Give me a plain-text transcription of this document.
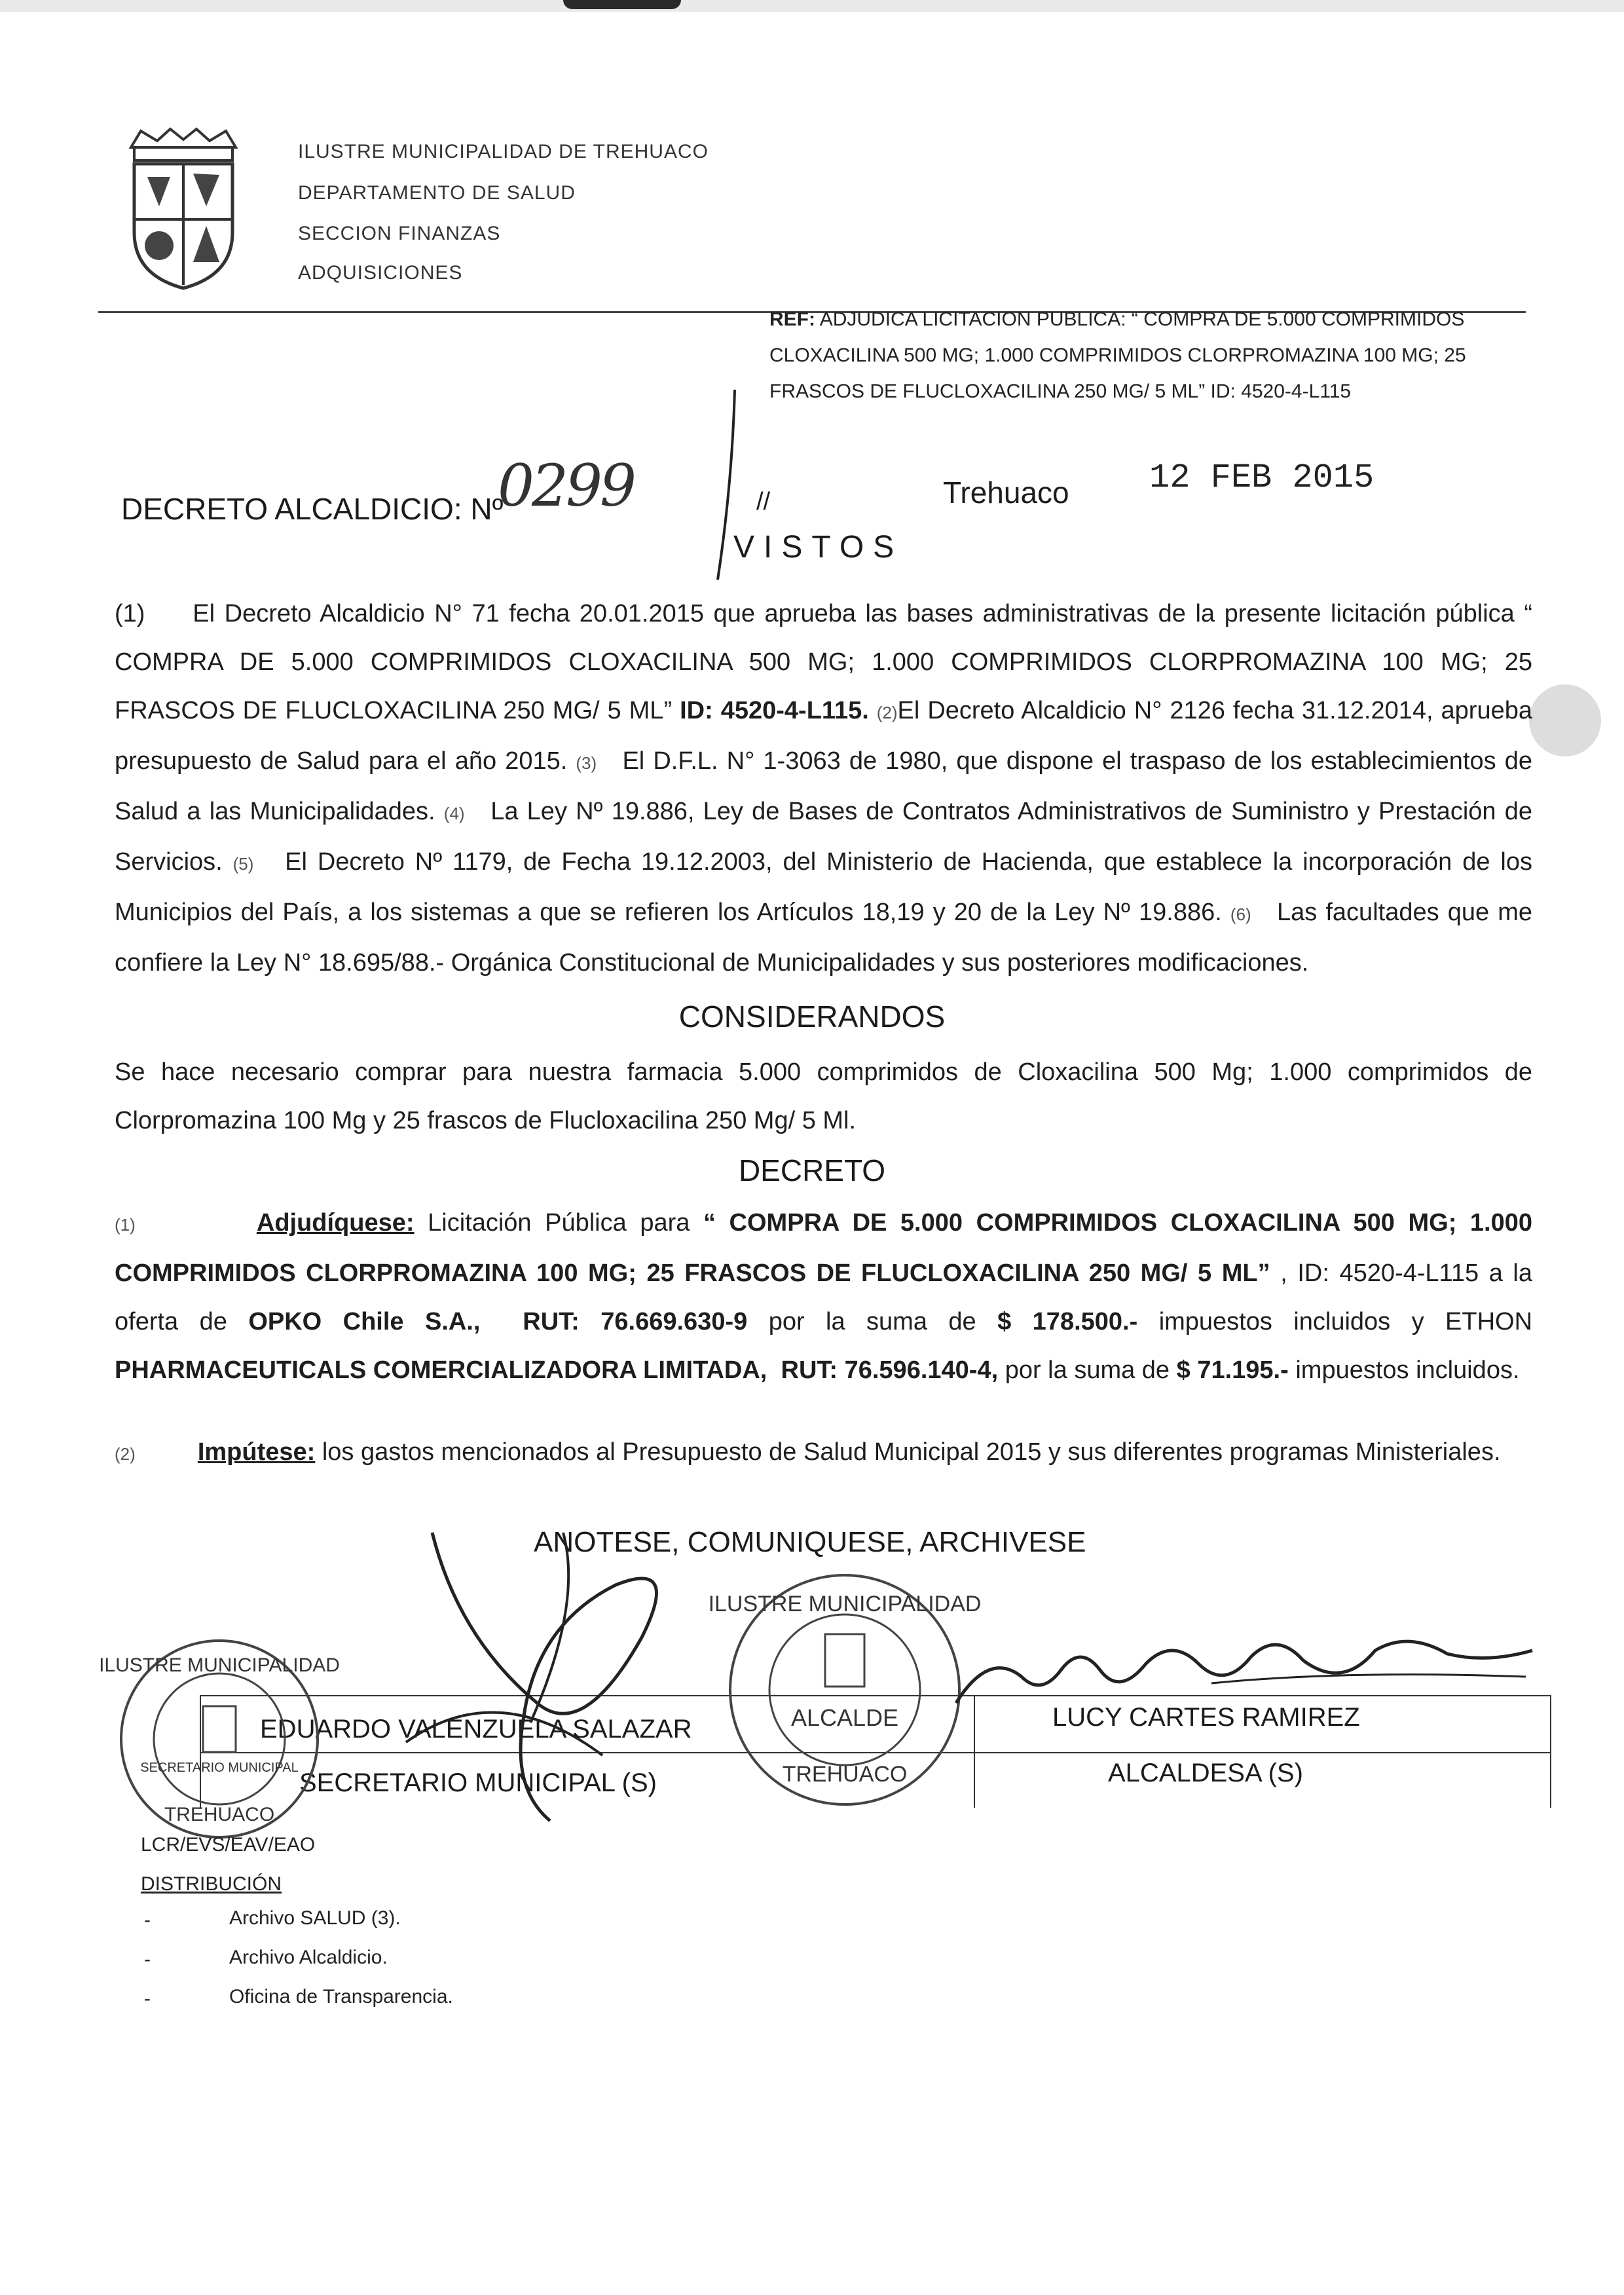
ILUSTRE MUNICIPALIDAD DE TREHUACO
DEPARTAMENTO DE SALUD
SECCION FINANZAS
ADQUISICIONES
REF: ADJUDICA LICITACION PUBLICA: “ COMPRA DE 5.000 COMPRIMIDOS CLOXACILINA 500 MG; 1.000 COMPRIMIDOS CLORPROMAZINA 100 MG; 25 FRASCOS DE FLUCLOXACILINA 250 MG/ 5 ML” ID: 4520-4-L115
DECRETO ALCALDICIO: Nº
0299	//	Trehuaco 12 FEB 2015
VISTOS
(1) El Decreto Alcaldicio N° 71 fecha 20.01.2015 que aprueba las bases administrativas de la presente licitación pública “ COMPRA DE 5.000 COMPRIMIDOS CLOXACILINA 500 MG; 1.000 COMPRIMIDOS CLORPROMAZINA 100 MG; 25 FRASCOS DE FLUCLOXACILINA 250 MG/ 5 ML” ID: 4520-4-L115. (2)El Decreto Alcaldicio N° 2126 fecha 31.12.2014, aprueba presupuesto de Salud para el año 2015. (3) El D.F.L. N° 1-3063 de 1980, que dispone el traspaso de los establecimientos de Salud a las Municipalidades. (4) La Ley Nº 19.886, Ley de Bases de Contratos Administrativos de Suministro y Prestación de Servicios. (5) El Decreto Nº 1179, de Fecha 19.12.2003, del Ministerio de Hacienda, que establece la incorporación de los Municipios del País, a los sistemas a que se refieren los Artículos 18,19 y 20 de la Ley Nº 19.886. (6) Las facultades que me confiere la Ley N° 18.695/88.- Orgánica Constitucional de Municipalidades y sus posteriores modificaciones.
CONSIDERANDOS
Se hace necesario comprar para nuestra farmacia 5.000 comprimidos de Cloxacilina 500 Mg; 1.000 comprimidos de Clorpromazina 100 Mg y 25 frascos de Flucloxacilina 250 Mg/ 5 Ml.
DECRETO
(1)	Adjudíquese: Licitación Pública para “ COMPRA DE 5.000 COMPRIMIDOS CLOXACILINA 500 MG; 1.000 COMPRIMIDOS CLORPROMAZINA 100 MG; 25 FRASCOS DE FLUCLOXACILINA 250 MG/ 5 ML” , ID: 4520-4-L115 a la oferta de OPKO Chile S.A., RUT: 76.669.630-9 por la suma de $ 178.500.- impuestos incluidos y ETHON PHARMACEUTICALS COMERCIALIZADORA LIMITADA, RUT: 76.596.140-4, por la suma de $ 71.195.- impuestos incluidos.
(2)	Impútese: los gastos mencionados al Presupuesto de Salud Municipal 2015 y sus diferentes programas Ministeriales.
ANOTESE, COMUNIQUESE, ARCHIVESE
EDUARDO VALENZUELA SALAZAR
SECRETARIO MUNICIPAL (S)
LUCY CARTES RAMIREZ
ALCALDESA (S)
ILUSTRE MUNICIPALIDAD
SECRETARIO MUNICIPAL
TREHUACO
ILUSTRE MUNICIPALIDAD
ALCALDE
TREHUACO
LCR/EVS/EAV/EAO
DISTRIBUCIÓN
-	Archivo SALUD (3).
-	Archivo Alcaldicio.
-	Oficina de Transparencia.
